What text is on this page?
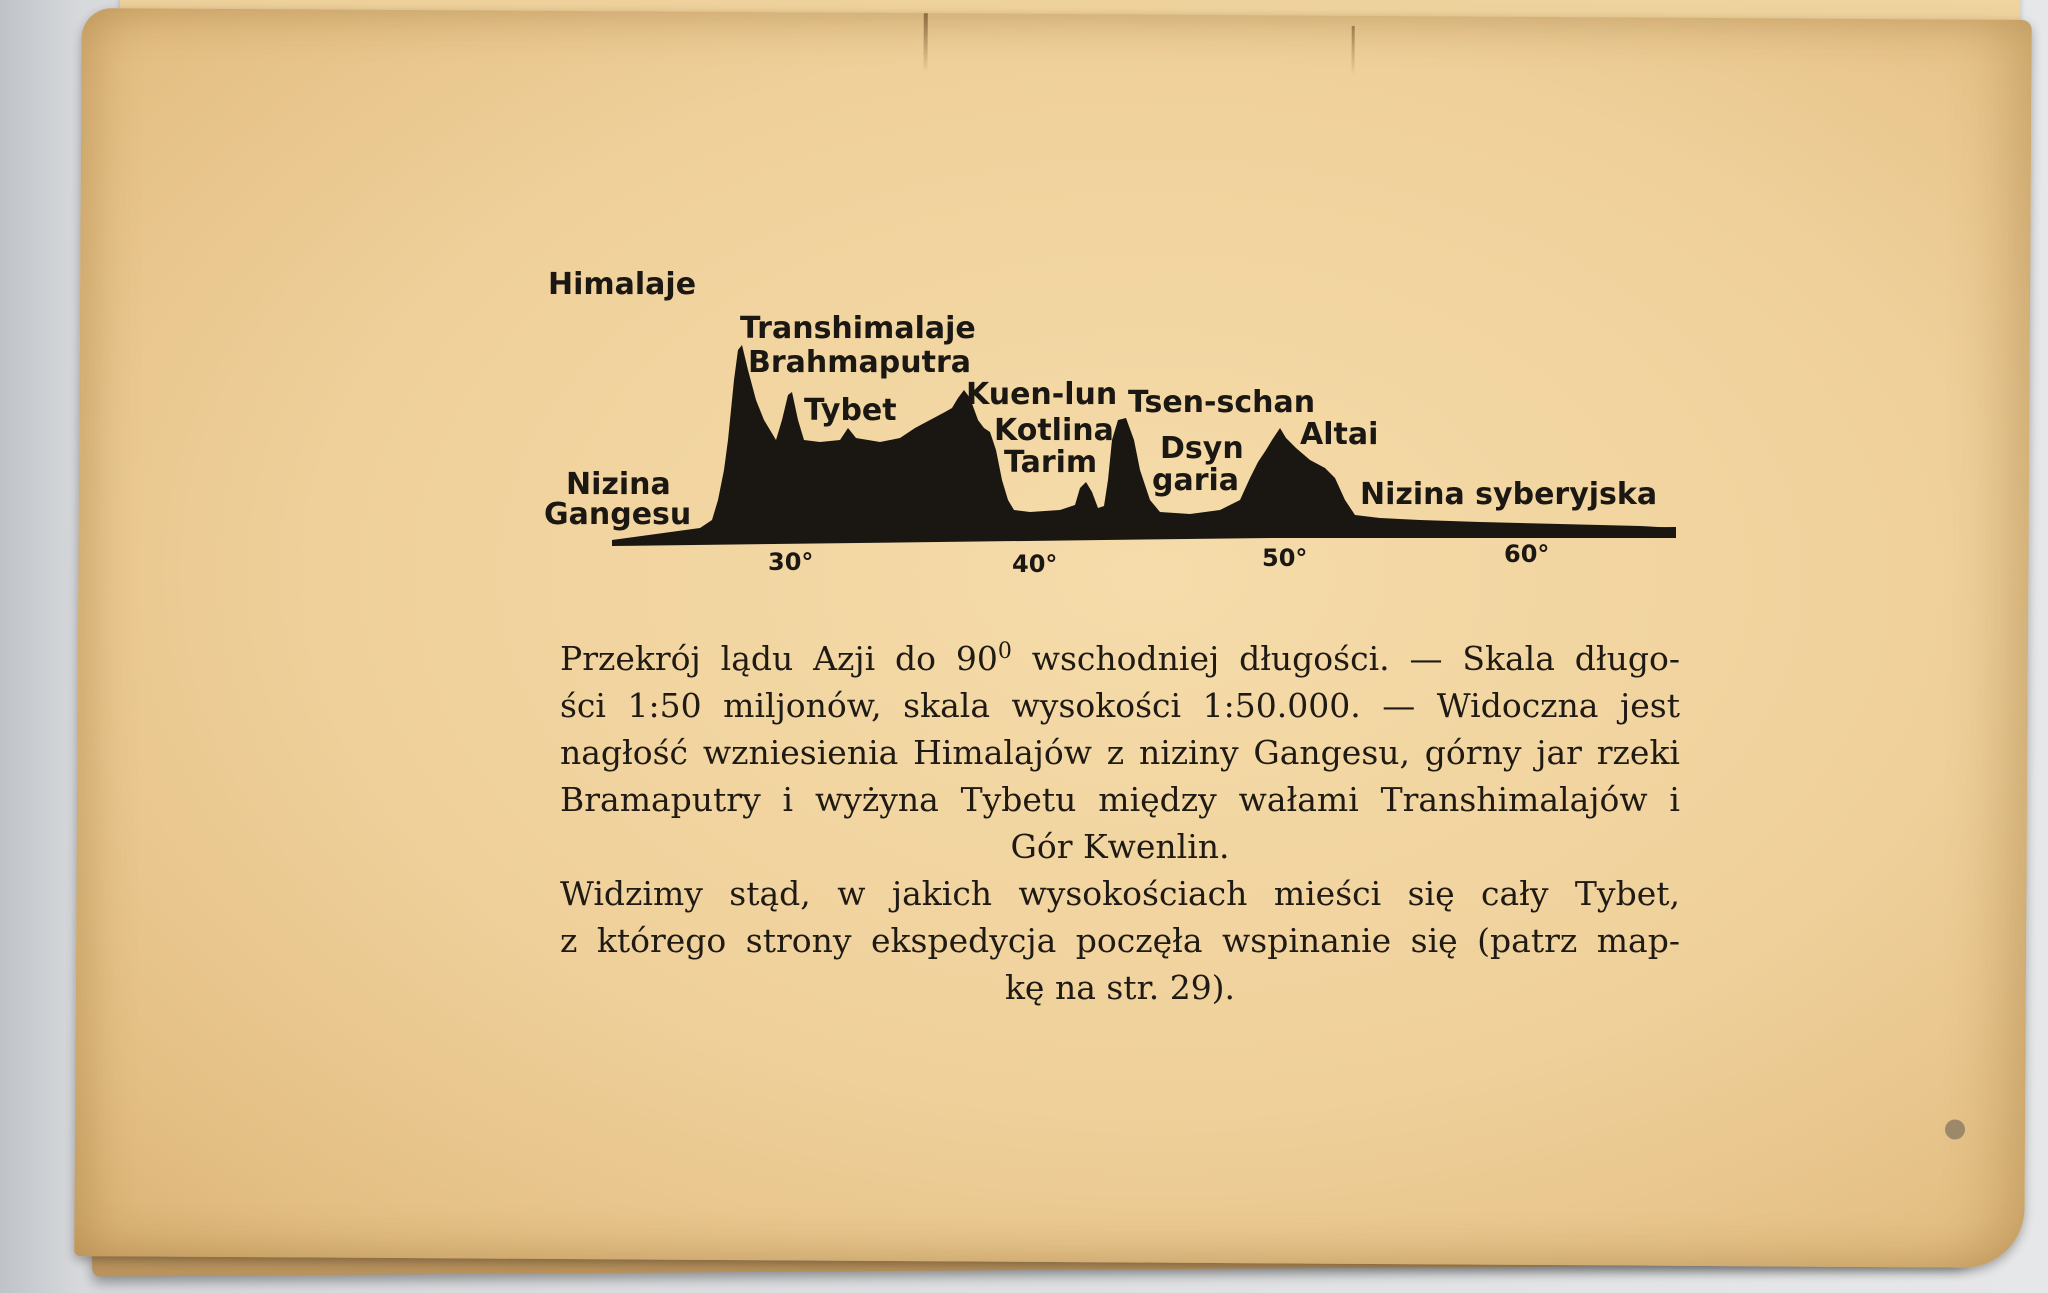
Himalaje
Transhimalaje
Brahmaputra
Tybet Kuen-lun
Kotlina
Tarim
Tsen-schan
Dsyn
garia
Altai
Nizina
Gangesu
Nizina syberyjska
30°	40°	50°	60°
Przekrój lądu Azji do $90^0$ wschodniej długości. — Skala długo-
ści 1:50 miljonów, skala wysokości 1:50.000. — Widoczna jest
nagłość wzniesienia Himalajów z niziny Gangesu, górny jar rzeki
Bramaputry i wyżyna Tybetu między wałami Transhimalajów i
Gór Kwenlin.
Widzimy stąd, w jakich wysokościach mieści się cały Tybet,
z którego strony ekspedycja poczęła wspinanie się (patrz map-
kę na str. 29).
